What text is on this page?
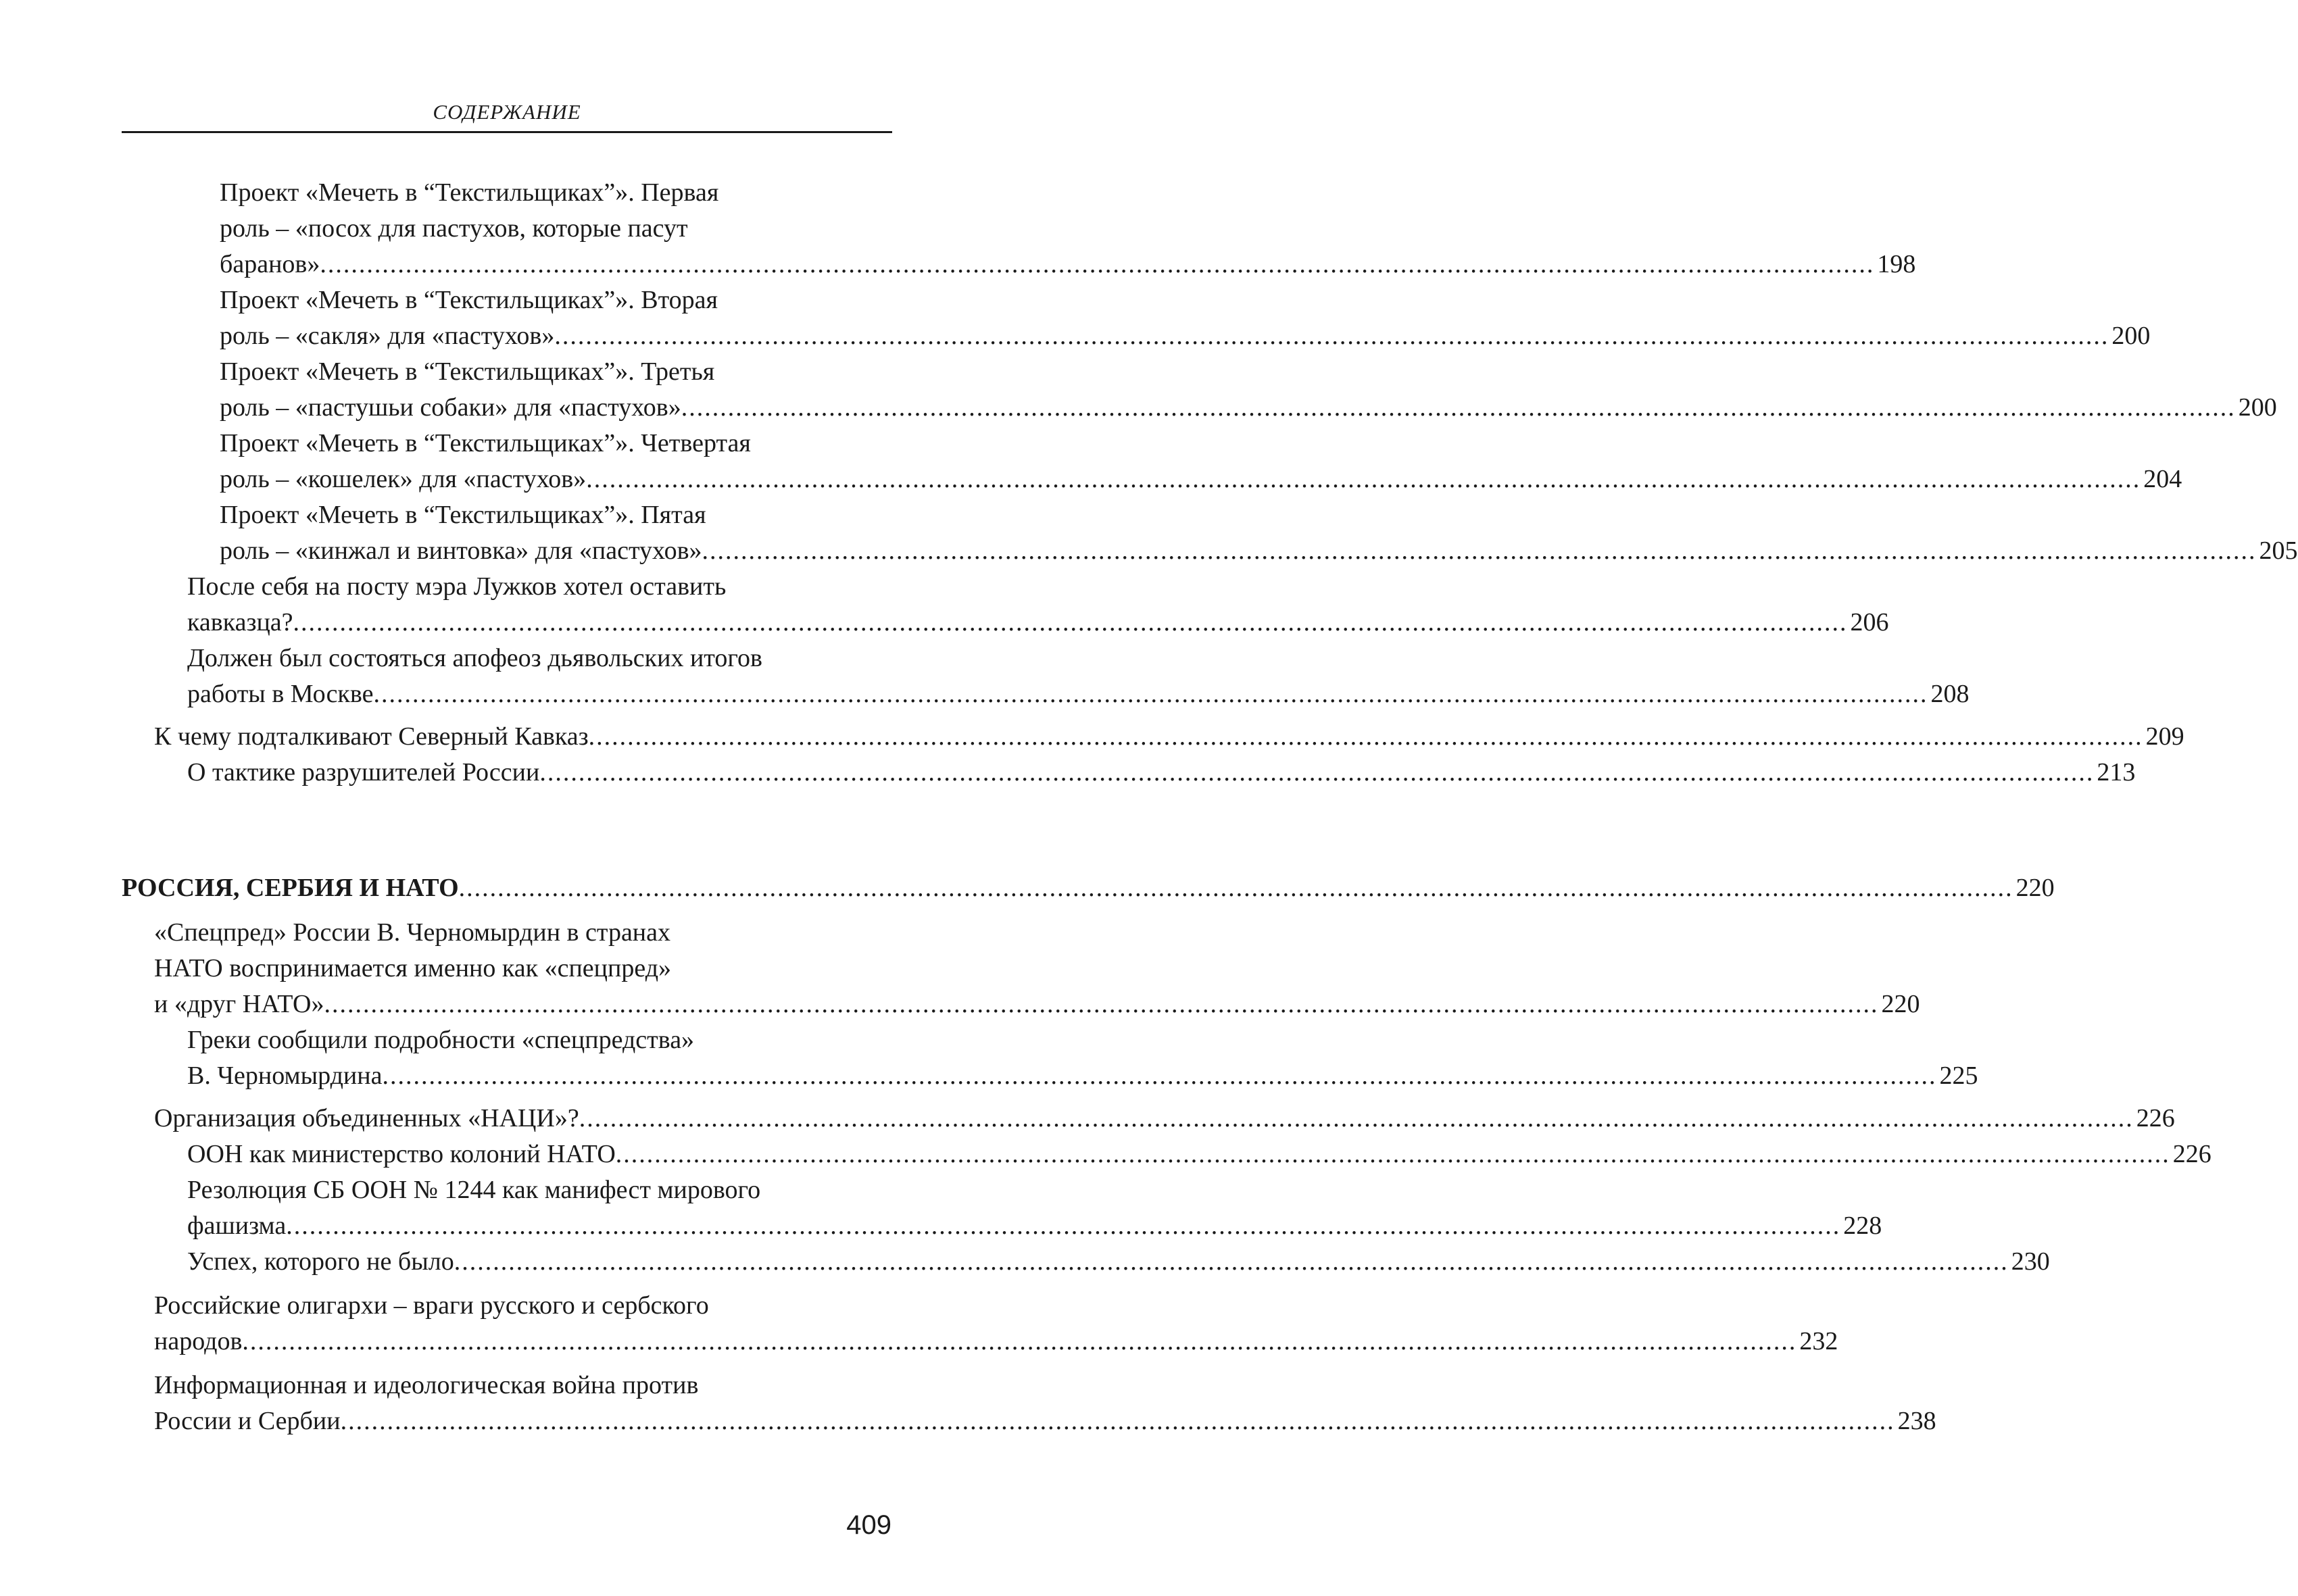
СОДЕРЖАНИЕ
Проект «Мечеть в “Текстильщиках”». Первая
роль – «посох для пастухов, которые пасут
баранов» ........................................................................................................................................................................................................ 198
Проект «Мечеть в “Текстильщиках”». Вторая
роль – «сакля» для «пастухов» ........................................................................................................................................................................................................ 200
Проект «Мечеть в “Текстильщиках”». Третья
роль – «пастушьи собаки» для «пастухов» ........................................................................................................................................................................................................ 200
Проект «Мечеть в “Текстильщиках”». Четвертая
роль – «кошелек» для «пастухов» ........................................................................................................................................................................................................ 204
Проект «Мечеть в “Текстильщиках”». Пятая
роль – «кинжал и винтовка» для «пастухов» ........................................................................................................................................................................................................ 205
После себя на посту мэра Лужков хотел оставить
кавказца? ........................................................................................................................................................................................................ 206
Должен был состояться апофеоз дьявольских итогов
работы в Москве ........................................................................................................................................................................................................ 208
К чему подталкивают Северный Кавказ ........................................................................................................................................................................................................ 209
О тактике разрушителей России ........................................................................................................................................................................................................ 213
РОССИЯ, СЕРБИЯ И НАТО ........................................................................................................................................................................................................ 220
«Спецпред» России В. Черномырдин в странах
НАТО воспринимается именно как «спецпред»
и «друг НАТО» ........................................................................................................................................................................................................ 220
Греки сообщили подробности «спецпредства»
В. Черномырдина ........................................................................................................................................................................................................ 225
Организация объединенных «НАЦИ»? ........................................................................................................................................................................................................ 226
ООН как министерство колоний НАТО ........................................................................................................................................................................................................ 226
Резолюция СБ ООН № 1244 как манифест мирового
фашизма ........................................................................................................................................................................................................ 228
Успех, которого не было ........................................................................................................................................................................................................ 230
Российские олигархи – враги русского и сербского
народов ........................................................................................................................................................................................................ 232
Информационная и идеологическая война против
России и Сербии ........................................................................................................................................................................................................ 238
409
